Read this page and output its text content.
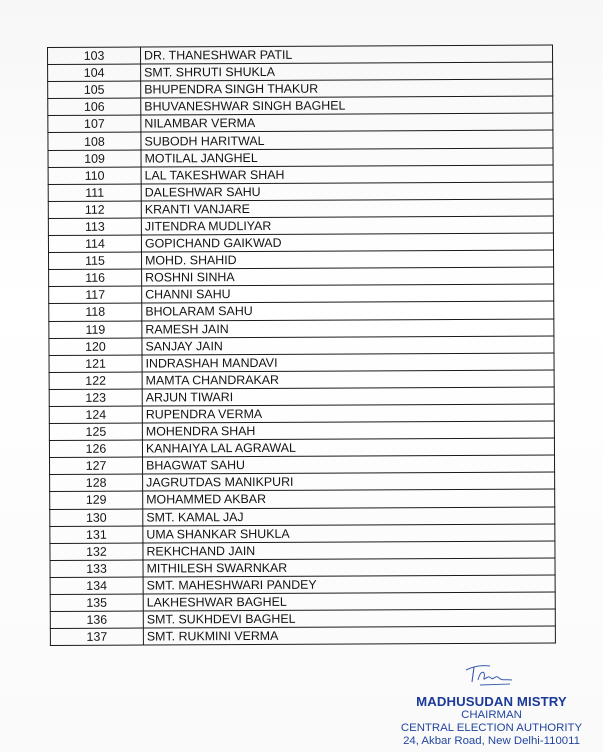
103	DR. THANESHWAR PATIL
104	SMT. SHRUTI SHUKLA
105	BHUPENDRA SINGH THAKUR
106	BHUVANESHWAR SINGH BAGHEL
107	NILAMBAR VERMA
108	SUBODH HARITWAL
109	MOTILAL JANGHEL
110	LAL TAKESHWAR SHAH
111	DALESHWAR SAHU
112	KRANTI VANJARE
113	JITENDRA MUDLIYAR
114	GOPICHAND GAIKWAD
115	MOHD. SHAHID
116	ROSHNI SINHA
117	CHANNI SAHU
118	BHOLARAM SAHU
119	RAMESH JAIN
120	SANJAY JAIN
121	INDRASHAH MANDAVI
122	MAMTA CHANDRAKAR
123	ARJUN TIWARI
124	RUPENDRA VERMA
125	MOHENDRA SHAH
126	KANHAIYA LAL AGRAWAL
127	BHAGWAT SAHU
128	JAGRUTDAS MANIKPURI
129	MOHAMMED AKBAR
130	SMT. KAMAL JAJ
131	UMA SHANKAR SHUKLA
132	REKHCHAND JAIN
133	MITHILESH SWARNKAR
134	SMT. MAHESHWARI PANDEY
135	LAKHESHWAR BAGHEL
136	SMT. SUKHDEVI BAGHEL
137	SMT. RUKMINI VERMA
MADHUSUDAN MISTRY
CHAIRMAN
CENTRAL ELECTION AUTHORITY
24, Akbar Road, New Delhi-110011
